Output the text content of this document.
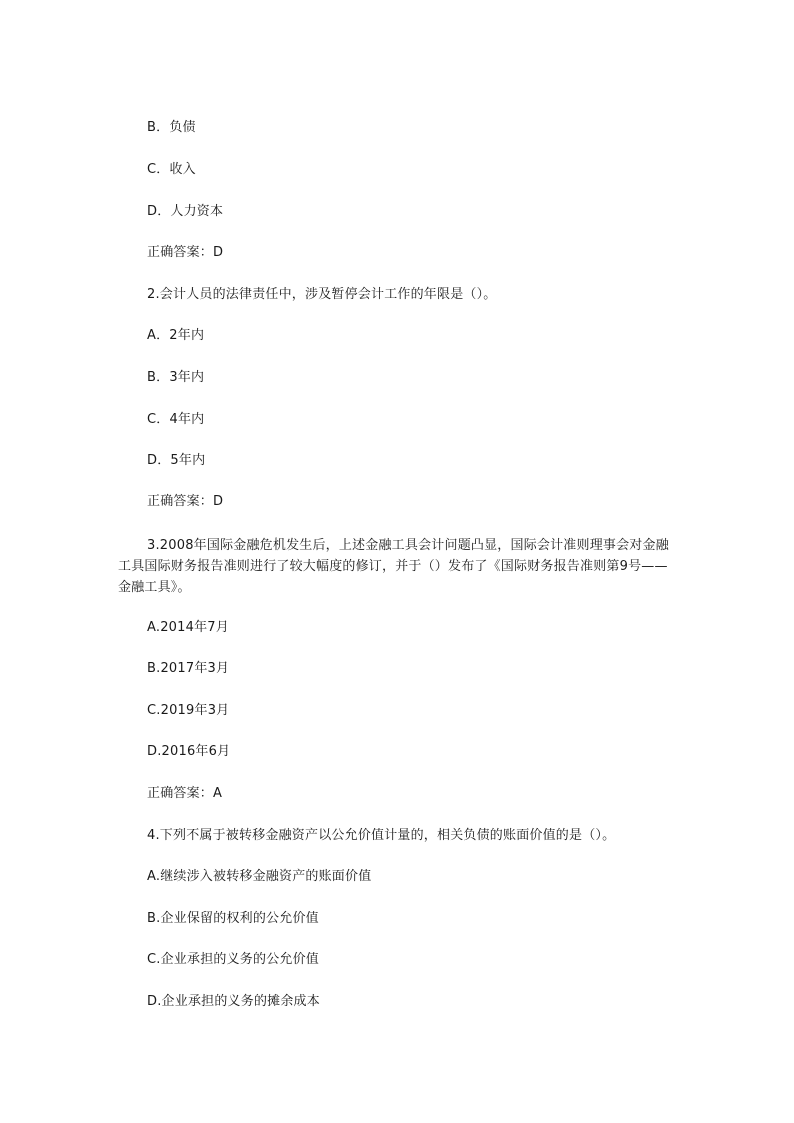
B．负债
C．收入
D．人力资本
正确答案：D
2.会计人员的法律责任中，涉及暂停会计工作的年限是（）。
A．2年内
B．3年内
C．4年内
D．5年内
正确答案：D
3.2008年国际金融危机发生后，上述金融工具会计问题凸显，国际会计准则理事会对金融工具国际财务报告准则进行了较大幅度的修订，并于（）发布了《国际财务报告准则第9号——金融工具》。
A.2014年7月
B.2017年3月
C.2019年3月
D.2016年6月
正确答案：A
4.下列不属于被转移金融资产以公允价值计量的，相关负债的账面价值的是（）。
A.继续涉入被转移金融资产的账面价值
B.企业保留的权利的公允价值
C.企业承担的义务的公允价值
D.企业承担的义务的摊余成本
